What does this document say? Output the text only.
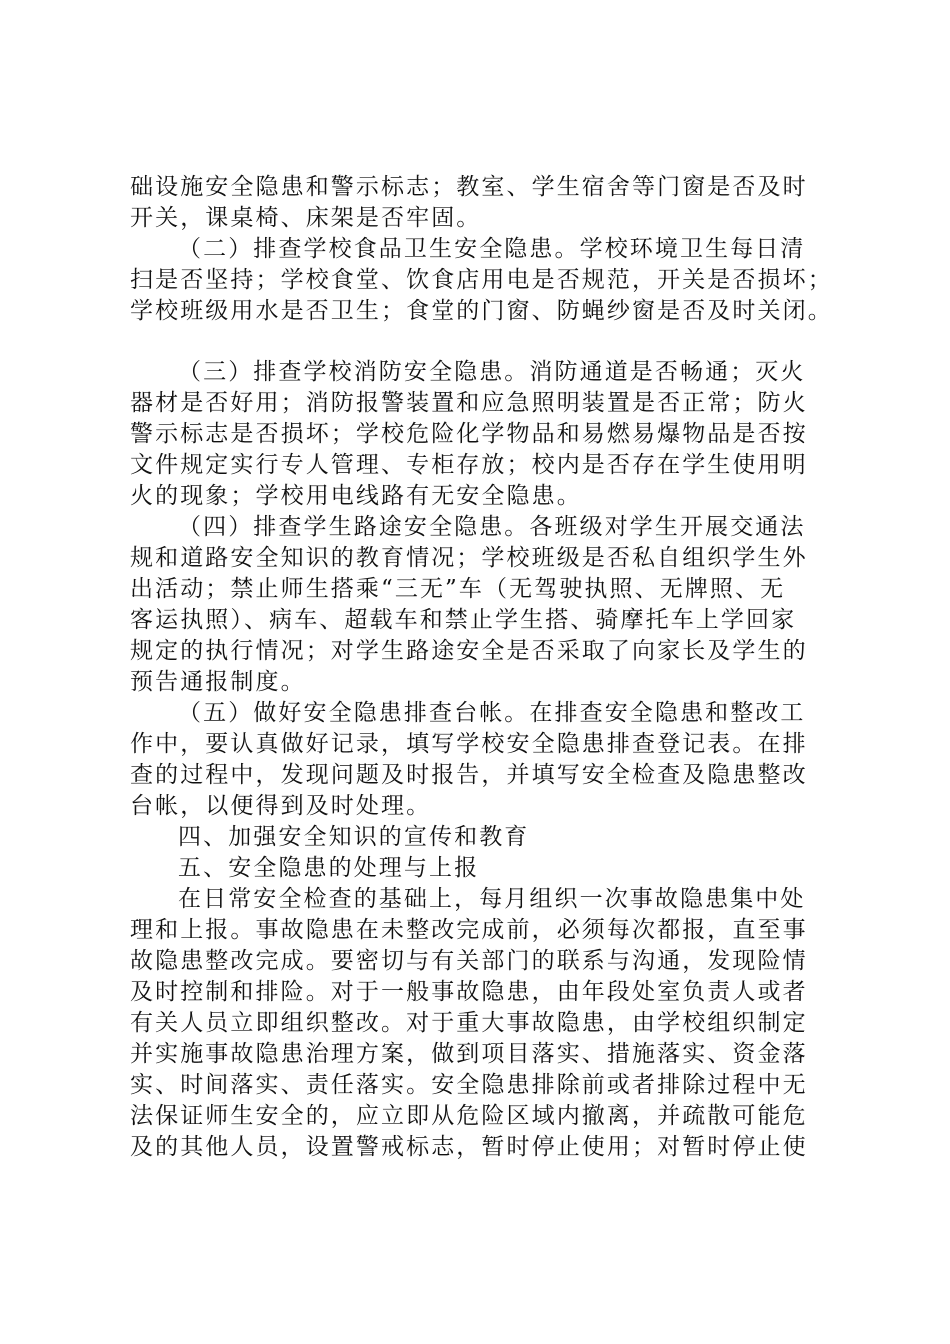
础设施安全隐患和警示标志；教室、学生宿舍等门窗是否及时
开关，课桌椅、床架是否牢固。
（二）排查学校食品卫生安全隐患。学校环境卫生每日清
扫是否坚持；学校食堂、饮食店用电是否规范，开关是否损坏；
学校班级用水是否卫生；食堂的门窗、防蝇纱窗是否及时关闭。
（三）排查学校消防安全隐患。消防通道是否畅通；灭火
器材是否好用；消防报警装置和应急照明装置是否正常；防火
警示标志是否损坏；学校危险化学物品和易燃易爆物品是否按
文件规定实行专人管理、专柜存放；校内是否存在学生使用明
火的现象；学校用电线路有无安全隐患。
（四）排查学生路途安全隐患。各班级对学生开展交通法
规和道路安全知识的教育情况；学校班级是否私自组织学生外
出活动；禁止师生搭乘“三无”车（无驾驶执照、无牌照、无
客运执照）、病车、超载车和禁止学生搭、骑摩托车上学回家
规定的执行情况；对学生路途安全是否采取了向家长及学生的
预告通报制度。
（五）做好安全隐患排查台帐。在排查安全隐患和整改工
作中，要认真做好记录，填写学校安全隐患排查登记表。在排
查的过程中，发现问题及时报告，并填写安全检查及隐患整改
台帐，以便得到及时处理。
四、加强安全知识的宣传和教育
五、安全隐患的处理与上报
在日常安全检查的基础上，每月组织一次事故隐患集中处
理和上报。事故隐患在未整改完成前，必须每次都报，直至事
故隐患整改完成。要密切与有关部门的联系与沟通，发现险情
及时控制和排险。对于一般事故隐患，由年段处室负责人或者
有关人员立即组织整改。对于重大事故隐患，由学校组织制定
并实施事故隐患治理方案，做到项目落实、措施落实、资金落
实、时间落实、责任落实。安全隐患排除前或者排除过程中无
法保证师生安全的，应立即从危险区域内撤离，并疏散可能危
及的其他人员，设置警戒标志，暂时停止使用；对暂时停止使
